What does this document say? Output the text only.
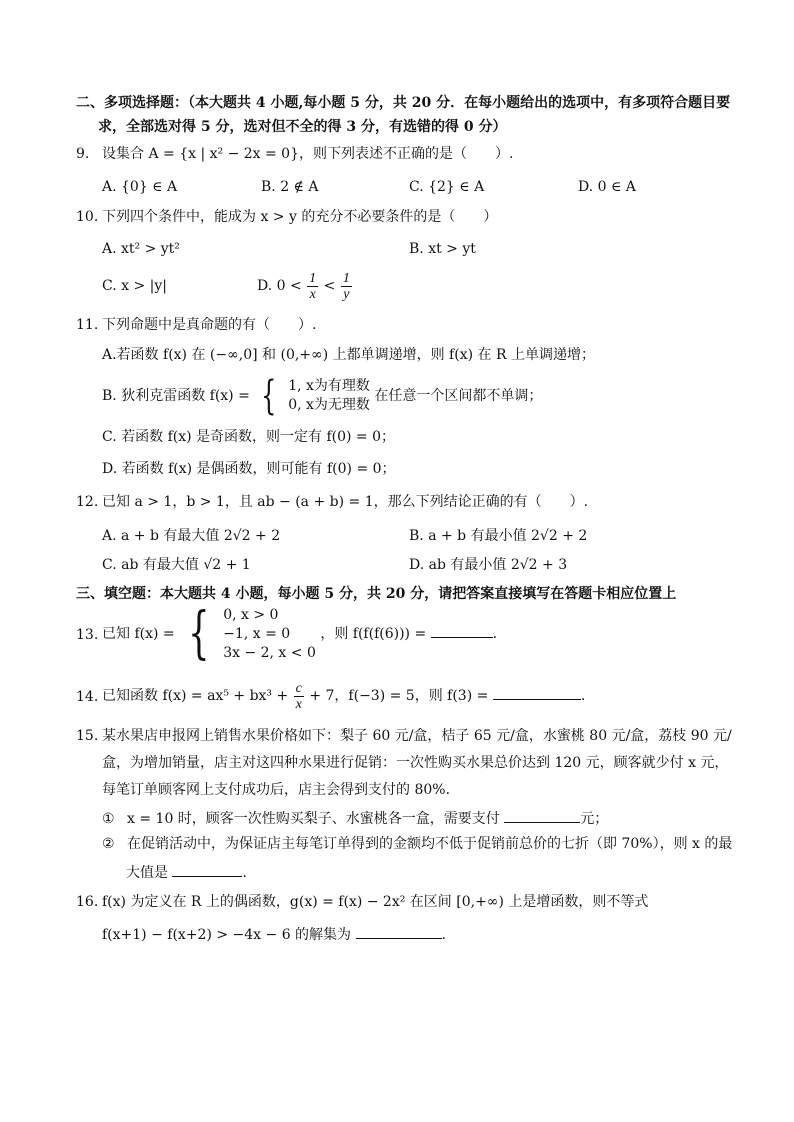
二、多项选择题：（本大题共 4 小题,每小题 5 分，共 20 分．在每小题给出的选项中，有多项符合题目要
求，全部选对得 5 分，选对但不全的得 3 分，有选错的得 0 分）
9. 设集合 A = {x | x² − 2x = 0}，则下列表述不正确的是（　　）.
A. {0} ∈ A	B. 2 ∉ A	C. {2} ∈ A	D. 0 ∈ A
10. 下列四个条件中，能成为 x > y 的充分不必要条件的是（　　）
A. xt² > yt²	B. xt > yt
C. x > |y|	D. $0 < \frac{1}{x} < \frac{1}{y}$
11. 下列命题中是真命题的有（　　）.
A.若函数 f(x) 在 (−∞,0] 和 (0,+∞) 上都单调递增，则 f(x) 在 R 上单调递增；
B. 狄利克雷函数 f(x) = { 1, x为有理数
0, x为无理数
在任意一个区间都不单调；
C. 若函数 f(x) 是奇函数，则一定有 f(0) = 0；
D. 若函数 f(x) 是偶函数，则可能有 f(0) = 0；
12. 已知 a > 1，b > 1，且 ab − (a + b) = 1，那么下列结论正确的有（　　）.
A. a + b 有最大值 2√2 + 2	B. a + b 有最小值 2√2 + 2
C. ab 有最大值 √2 + 1	D. ab 有最小值 2√2 + 3
三、填空题：本大题共 4 小题，每小题 5 分，共 20 分，请把答案直接填写在答题卡相应位置上
13. 已知 f(x) = { 0, x > 0
−1, x = 0
3x − 2, x < 0
，则 f(f(f(6))) =	.
14. 已知函数 $f(x) = ax^5 + bx^3 + \frac{c}{x} + 7$，f(−3) = 5，则 f(3) =	.
15. 某水果店申报网上销售水果价格如下：梨子 60 元/盒，桔子 65 元/盒，水蜜桃 80 元/盒，荔枝 90 元/
盒，为增加销量，店主对这四种水果进行促销：一次性购买水果总价达到 120 元，顾客就少付 x 元，
每笔订单顾客网上支付成功后，店主会得到支付的 80%．
① x = 10 时，顾客一次性购买梨子、水蜜桃各一盒，需要支付	元；
② 在促销活动中，为保证店主每笔订单得到的金额均不低于促销前总价的七折（即 70%），则 x 的最
大值是	.
16. f(x) 为定义在 R 上的偶函数，g(x) = f(x) − 2x² 在区间 [0,+∞) 上是增函数，则不等式
f(x+1) − f(x+2) > −4x − 6 的解集为	.
